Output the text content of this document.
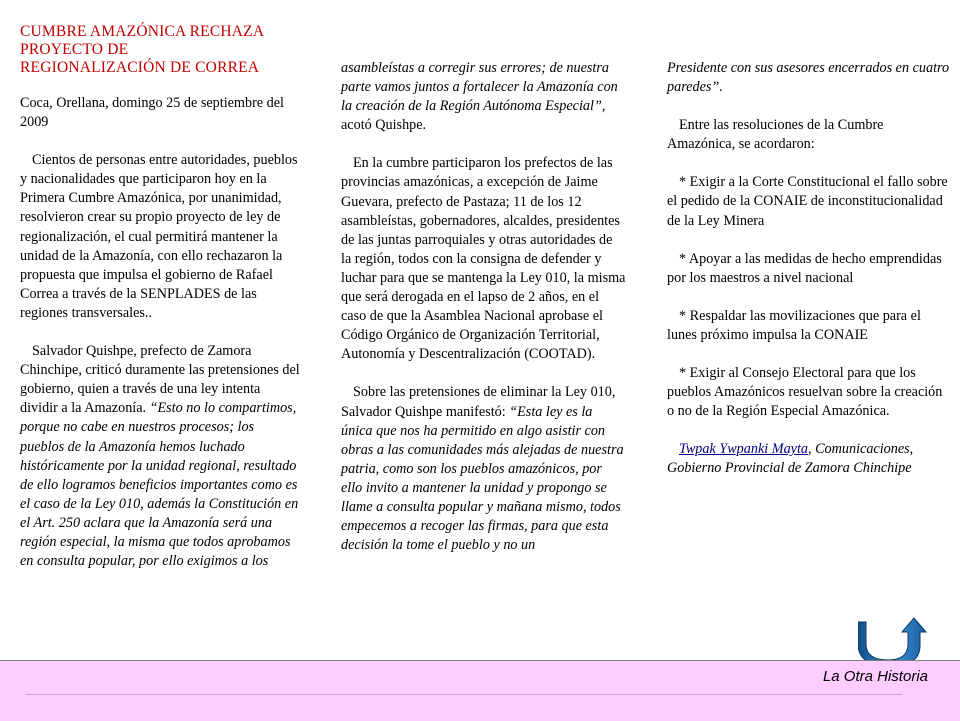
CUMBRE AMAZÓNICA RECHAZA
PROYECTO DE
REGIONALIZACIÓN DE CORREA

Coca, Orellana, domingo 25 de septiembre del 2009

Cientos de personas entre autoridades, pueblos y nacionalidades que participaron hoy en la Primera Cumbre Amazónica, por unanimidad, resolvieron crear su propio proyecto de ley de regionalización, el cual permitirá mantener la unidad de la Amazonía, con ello rechazaron la propuesta que impulsa el gobierno de Rafael Correa a través de la SENPLADES de las regiones transversales..

Salvador Quishpe, prefecto de Zamora Chinchipe, criticó duramente las pretensiones del gobierno, quien a través de una ley intenta dividir a la Amazonía. “Esto no lo compartimos, porque no cabe en nuestros procesos; los pueblos de la Amazonía hemos luchado históricamente por la unidad regional, resultado de ello logramos beneficios importantes como es el caso de la Ley 010, además la Constitución en el Art. 250 aclara que la Amazonía será una región especial, la misma que todos aprobamos en consulta popular, por ello exigimos a los

asambleístas a corregir sus errores; de nuestra parte vamos juntos a fortalecer la Amazonía con la creación de la Región Autónoma Especial”, acotó Quishpe.

En la cumbre participaron los prefectos de las provincias amazónicas, a excepción de Jaime Guevara, prefecto de Pastaza; 11 de los 12 asambleístas, gobernadores, alcaldes, presidentes de las juntas parroquiales y otras autoridades de la región, todos con la consigna de defender y luchar para que se mantenga la Ley 010, la misma que será derogada en el lapso de 2 años, en el caso de que la Asamblea Nacional aprobase el Código Orgánico de Organización Territorial, Autonomía y Descentralización (COOTAD).

Sobre las pretensiones de eliminar la Ley 010, Salvador Quishpe manifestó: “Esta ley es la única que nos ha permitido en algo asistir con obras a las comunidades más alejadas de nuestra patria, como son los pueblos amazónicos, por ello invito a mantener la unidad y propongo se llame a consulta popular y mañana mismo, todos empecemos a recoger las firmas, para que esta decisión la tome el pueblo y no un

Presidente con sus asesores encerrados en cuatro paredes”.

Entre las resoluciones de la Cumbre Amazónica, se acordaron:

* Exigir a la Corte Constitucional el fallo sobre el pedido de la CONAIE de inconstitucionalidad de la Ley Minera

* Apoyar a las medidas de hecho emprendidas por los maestros a nivel nacional

* Respaldar las movilizaciones que para el lunes próximo impulsa la CONAIE

* Exigir al Consejo Electoral para que los pueblos Amazónicos resuelvan sobre la creación o no de la Región Especial Amazónica.

Twpak Ywpanki Mayta, Comunicaciones, Gobierno Provincial de Zamora Chinchipe

La Otra Historia
